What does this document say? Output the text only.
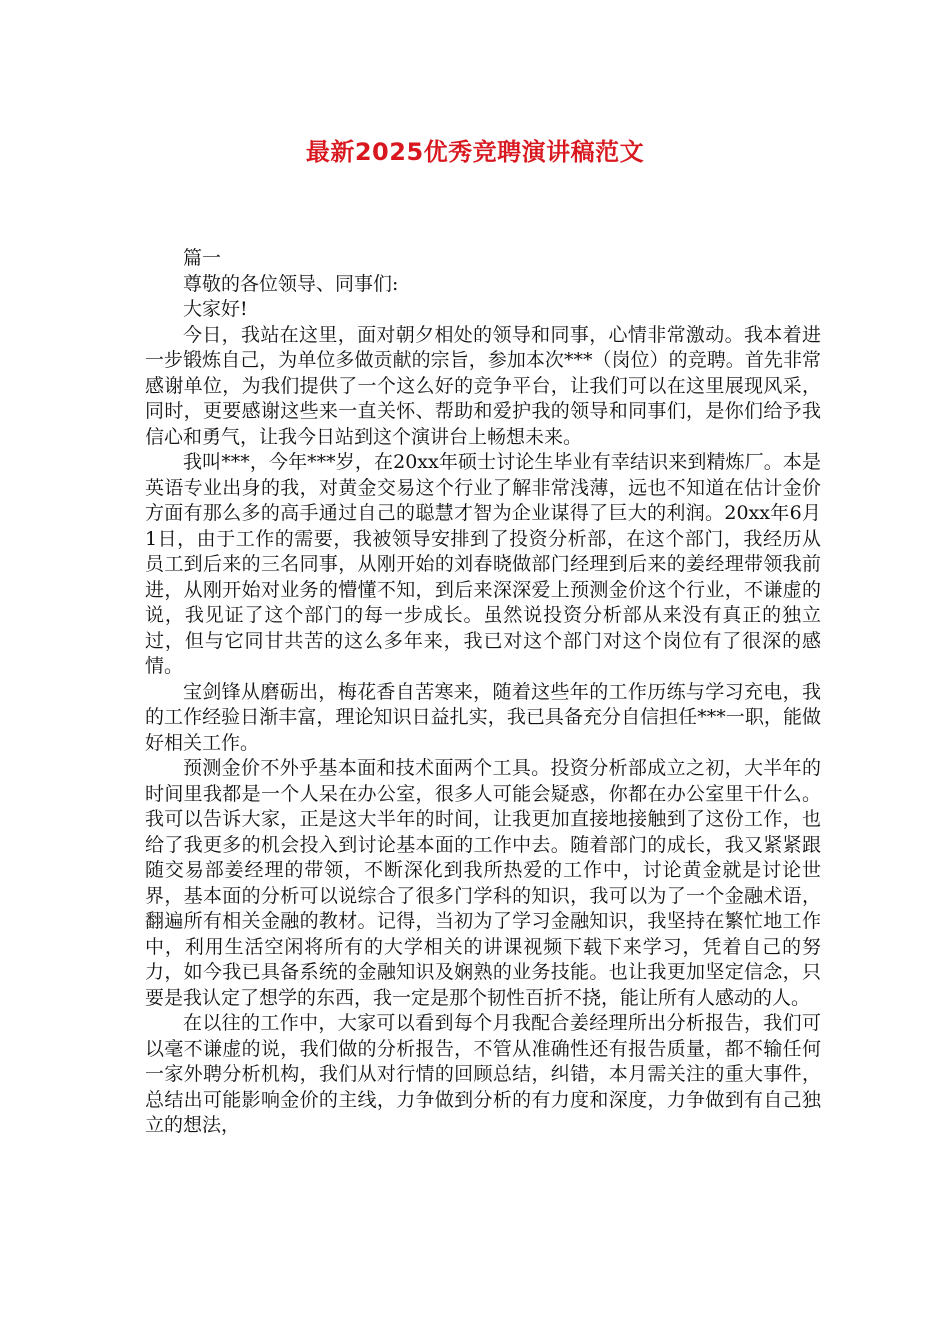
最新2025优秀竞聘演讲稿范文

篇一

尊敬的各位领导、同事们:

大家好!

今日，我站在这里，面对朝夕相处的领导和同事，心情非常激动。我本着进一步锻炼自己，为单位多做贡献的宗旨，参加本次***（岗位）的竞聘。首先非常感谢单位，为我们提供了一个这么好的竞争平台，让我们可以在这里展现风采，同时，更要感谢这些来一直关怀、帮助和爱护我的领导和同事们，是你们给予我信心和勇气，让我今日站到这个演讲台上畅想未来。

我叫***，今年***岁，在20xx年硕士讨论生毕业有幸结识来到精炼厂。本是英语专业出身的我，对黄金交易这个行业了解非常浅薄，远也不知道在估计金价方面有那么多的高手通过自己的聪慧才智为企业谋得了巨大的利润。20xx年6月1日，由于工作的需要，我被领导安排到了投资分析部，在这个部门，我经历从员工到后来的三名同事，从刚开始的刘春晓做部门经理到后来的姜经理带领我前进，从刚开始对业务的懵懂不知，到后来深深爱上预测金价这个行业，不谦虚的说，我见证了这个部门的每一步成长。虽然说投资分析部从来没有真正的独立过，但与它同甘共苦的这么多年来，我已对这个部门对这个岗位有了很深的感情。

宝剑锋从磨砺出，梅花香自苦寒来，随着这些年的工作历练与学习充电，我的工作经验日渐丰富，理论知识日益扎实，我已具备充分自信担任***一职，能做好相关工作。

预测金价不外乎基本面和技术面两个工具。投资分析部成立之初，大半年的时间里我都是一个人呆在办公室，很多人可能会疑惑，你都在办公室里干什么。我可以告诉大家，正是这大半年的时间，让我更加直接地接触到了这份工作，也给了我更多的机会投入到讨论基本面的工作中去。随着部门的成长，我又紧紧跟随交易部姜经理的带领，不断深化到我所热爱的工作中，讨论黄金就是讨论世界，基本面的分析可以说综合了很多门学科的知识，我可以为了一个金融术语，翻遍所有相关金融的教材。记得，当初为了学习金融知识，我坚持在繁忙地工作中，利用生活空闲将所有的大学相关的讲课视频下载下来学习，凭着自己的努力，如今我已具备系统的金融知识及娴熟的业务技能。也让我更加坚定信念，只要是我认定了想学的东西，我一定是那个韧性百折不挠，能让所有人感动的人。

在以往的工作中，大家可以看到每个月我配合姜经理所出分析报告，我们可以毫不谦虚的说，我们做的分析报告，不管从准确性还有报告质量，都不输任何一家外聘分析机构，我们从对行情的回顾总结，纠错，本月需关注的重大事件，总结出可能影响金价的主线，力争做到分析的有力度和深度，力争做到有自己独立的想法，
